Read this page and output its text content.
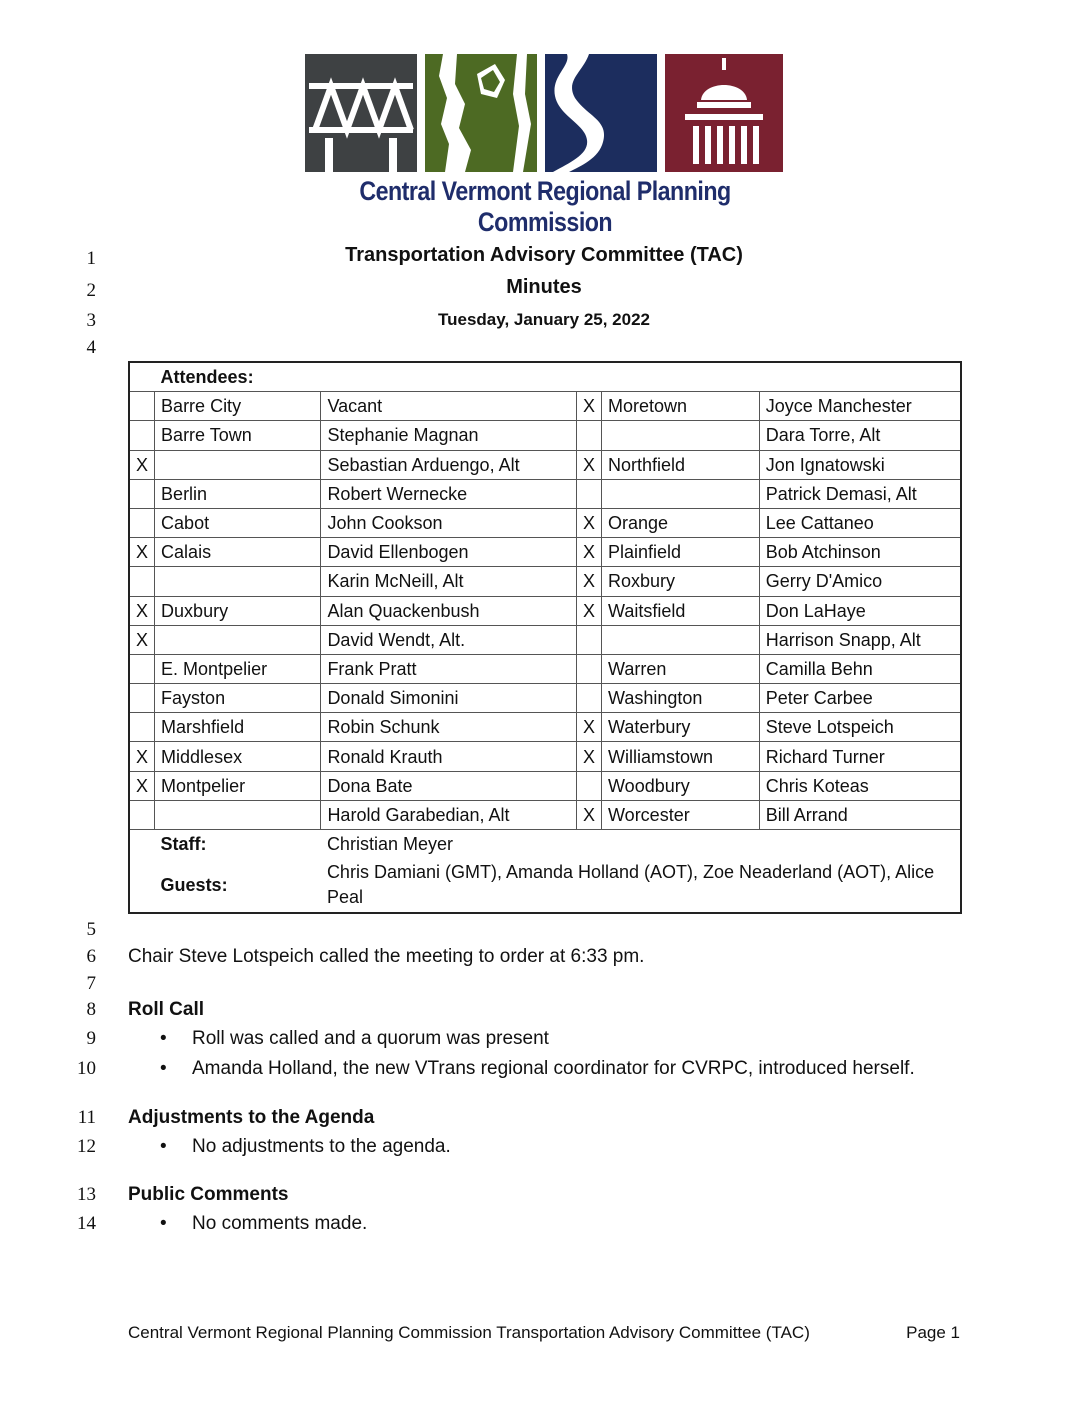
Central Vermont Regional Planning Commission
1
2
3
4
5
6
7
8
9
10
11
12
13
14
Transportation Advisory Committee (TAC)
Minutes
Tuesday, January 25, 2022
	Attendees:				
	Barre City	Vacant	X	Moretown	Joyce Manchester
	Barre Town	Stephanie Magnan			Dara Torre, Alt
X		Sebastian Arduengo, Alt	X	Northfield	Jon Ignatowski
	Berlin	Robert Wernecke			Patrick Demasi, Alt
	Cabot	John Cookson	X	Orange	Lee Cattaneo
X	Calais	David Ellenbogen	X	Plainfield	Bob Atchinson
		Karin McNeill, Alt	X	Roxbury	Gerry D'Amico
X	Duxbury	Alan Quackenbush	X	Waitsfield	Don LaHaye
X		David Wendt, Alt.			Harrison Snapp, Alt
	E. Montpelier	Frank Pratt		Warren	Camilla Behn
	Fayston	Donald Simonini		Washington	Peter Carbee
	Marshfield	Robin Schunk	X	Waterbury	Steve Lotspeich
X	Middlesex	Ronald Krauth	X	Williamstown	Richard Turner
X	Montpelier	Dona Bate		Woodbury	Chris Koteas
		Harold Garabedian, Alt	X	Worcester	Bill Arrand
	Staff:	Christian Meyer			
	Guests:	Chris Damiani (GMT), Amanda Holland (AOT), Zoe Neaderland (AOT), Alice Peal			
Chair Steve Lotspeich called the meeting to order at 6:33 pm.
Roll Call
• Roll was called and a quorum was present
• Amanda Holland, the new VTrans regional coordinator for CVRPC, introduced herself.
Adjustments to the Agenda
• No adjustments to the agenda.
Public Comments
• No comments made.
Central Vermont Regional Planning Commission Transportation Advisory Committee (TAC)	Page 1
